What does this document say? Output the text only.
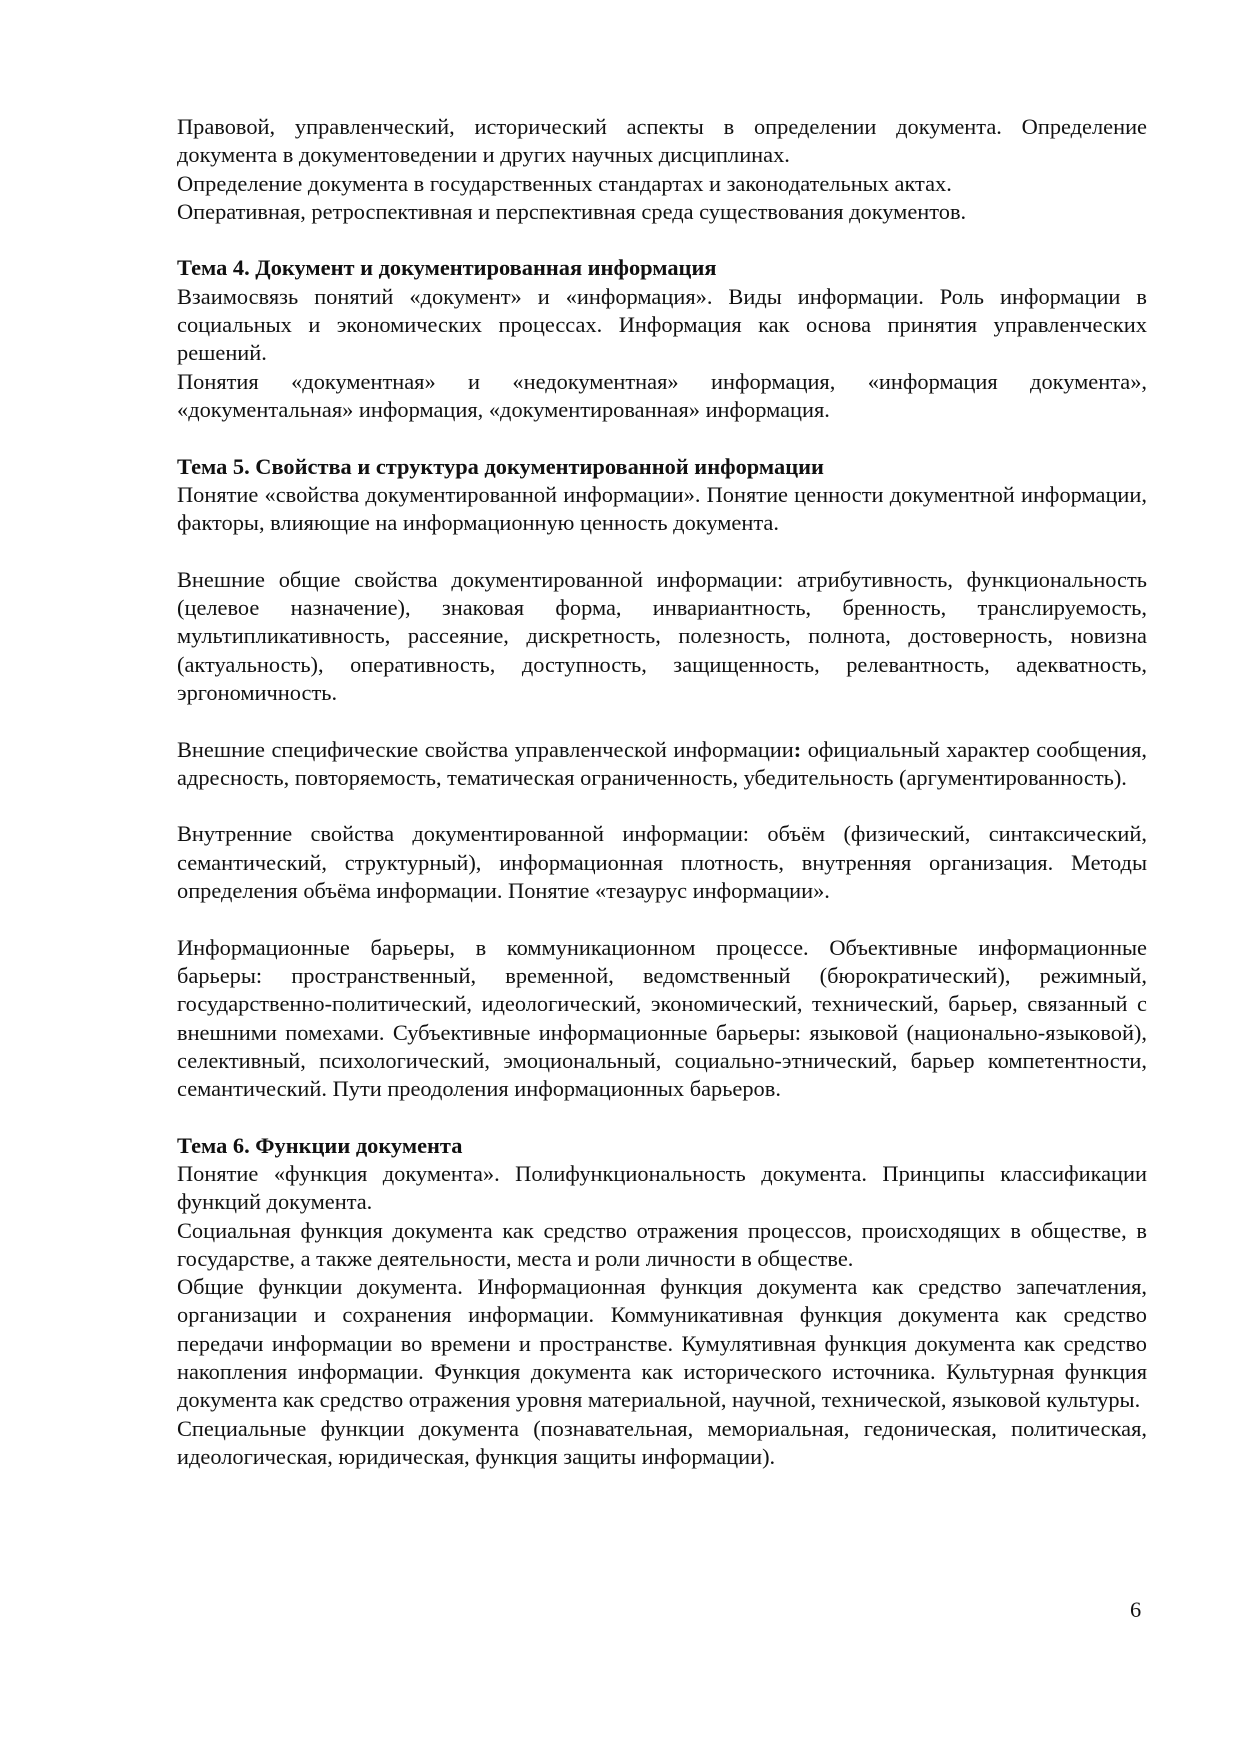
Правовой, управленческий, исторический аспекты в определении документа. Определение документа в документоведении и других научных дисциплинах.

Определение документа в государственных стандартах и законодательных актах.

Оперативная, ретроспективная и перспективная среда существования документов.

Тема 4. Документ и документированная информация

Взаимосвязь понятий «документ» и «информация». Виды информации. Роль информации в социальных и экономических процессах. Информация как основа принятия управленческих решений.

Понятия «документная» и «недокументная» информация, «информация документа», «документальная» информация, «документированная» информация.

Тема 5. Свойства и структура документированной информации

Понятие «свойства документированной информации». Понятие ценности документной информации, факторы, влияющие на информационную ценность документа.

Внешние общие свойства документированной информации: атрибутивность, функциональность (целевое назначение), знаковая форма, инвариантность, бренность, транслируемость, мультипликативность, рассеяние, дискретность, полезность, полнота, достоверность, новизна (актуальность), оперативность, доступность, защищенность, релевантность, адекватность, эргономичность.

Внешние специфические свойства управленческой информации: официальный характер сообщения, адресность, повторяемость, тематическая ограниченность, убедительность (аргументированность).

Внутренние свойства документированной информации: объём (физический, синтаксический, семантический, структурный), информационная плотность, внутренняя организация. Методы определения объёма информации. Понятие «тезаурус информации».

Информационные барьеры, в коммуникационном процессе. Объективные информационные барьеры: пространственный, временной, ведомственный (бюрократический), режимный, государственно-политический, идеологический, экономический, технический, барьер, связанный с внешними помехами. Субъективные информационные барьеры: языковой (национально-языковой), селективный, психологический, эмоциональный, социально-этнический, барьер компетентности, семантический. Пути преодоления информационных барьеров.

Тема 6. Функции документа

Понятие «функция документа». Полифункциональность документа. Принципы классификации функций документа.

Социальная функция документа как средство отражения процессов, происходящих в обществе, в государстве, а также деятельности, места и роли личности в обществе.

Общие функции документа. Информационная функция документа как средство запечатления, организации и сохранения информации. Коммуникативная функция документа как средство передачи информации во времени и пространстве. Кумулятивная функция документа как средство накопления информации. Функция документа как исторического источника. Культурная функция документа как средство отражения уровня материальной, научной, технической, языковой культуры.

Специальные функции документа (познавательная, мемориальная, гедоническая, политическая, идеологическая, юридическая, функция защиты информации).

6
